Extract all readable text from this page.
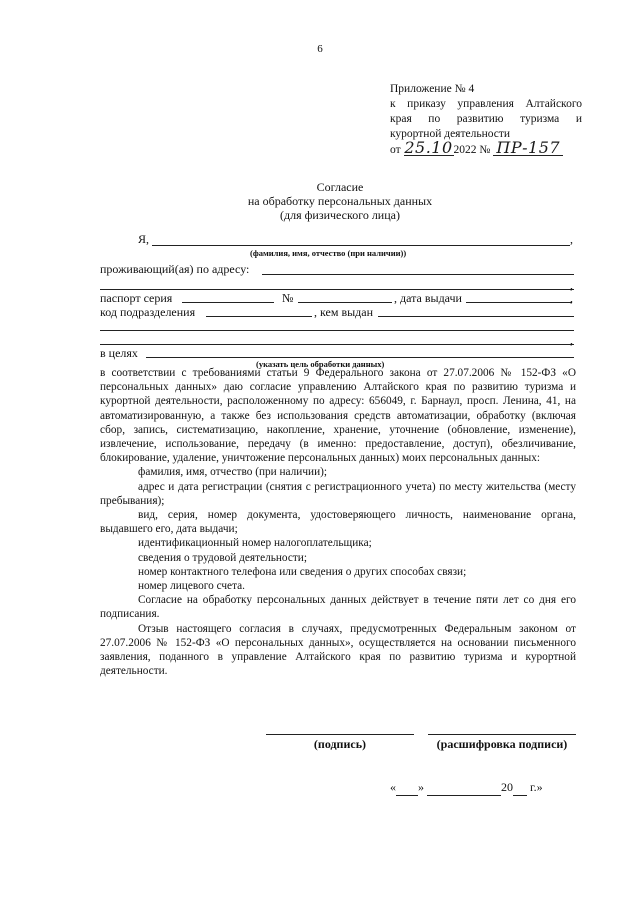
6
Приложение № 4
к приказу управления Алтайского
края по развитию туризма и
курортной деятельности
от 25.102022 № ПР-157
Согласие
на обработку персональных данных
(для физического лица)
Я,	,
(фамилия, имя, отчество (при наличии))
проживающий(ая) по адресу:
,
паспорт серия	№	, дата выдачи	,
код подразделения	, кем выдан
,
в целях
(указать цель обработки данных)

в соответствии с требованиями статьи 9 Федерального закона от 27.07.2006 № 152-ФЗ «О персональных данных» даю согласие управлению Алтайского края по развитию туризма и курортной деятельности, расположенному по адресу: 656049, г. Барнаул, просп. Ленина, 41, на автоматизированную, а также без использования средств автоматизации, обработку (включая сбор, запись, систематизацию, накопление, хранение, уточнение (обновление, изменение), извлечение, использование, передачу (в именно: предоставление, доступ), обезличивание, блокирование, удаление, уничтожение персональных данных) моих персональных данных:

фамилия, имя, отчество (при наличии);

адрес и дата регистрации (снятия с регистрационного учета) по месту жительства (месту пребывания);

вид, серия, номер документа, удостоверяющего личность, наименование органа, выдавшего его, дата выдачи;

идентификационный номер налогоплательщика;

сведения о трудовой деятельности;

номер контактного телефона или сведения о других способах связи;

номер лицевого счета.

Согласие на обработку персональных данных действует в течение пяти лет со дня его подписания.

Отзыв настоящего согласия в случаях, предусмотренных Федеральным законом от 27.07.2006 № 152-ФЗ «О персональных данных», осуществляется на основании письменного заявления, поданного в управление Алтайского края по развитию туризма и курортной деятельности.

(подпись)	(расшифровка подписи)
« »	20 г.»
